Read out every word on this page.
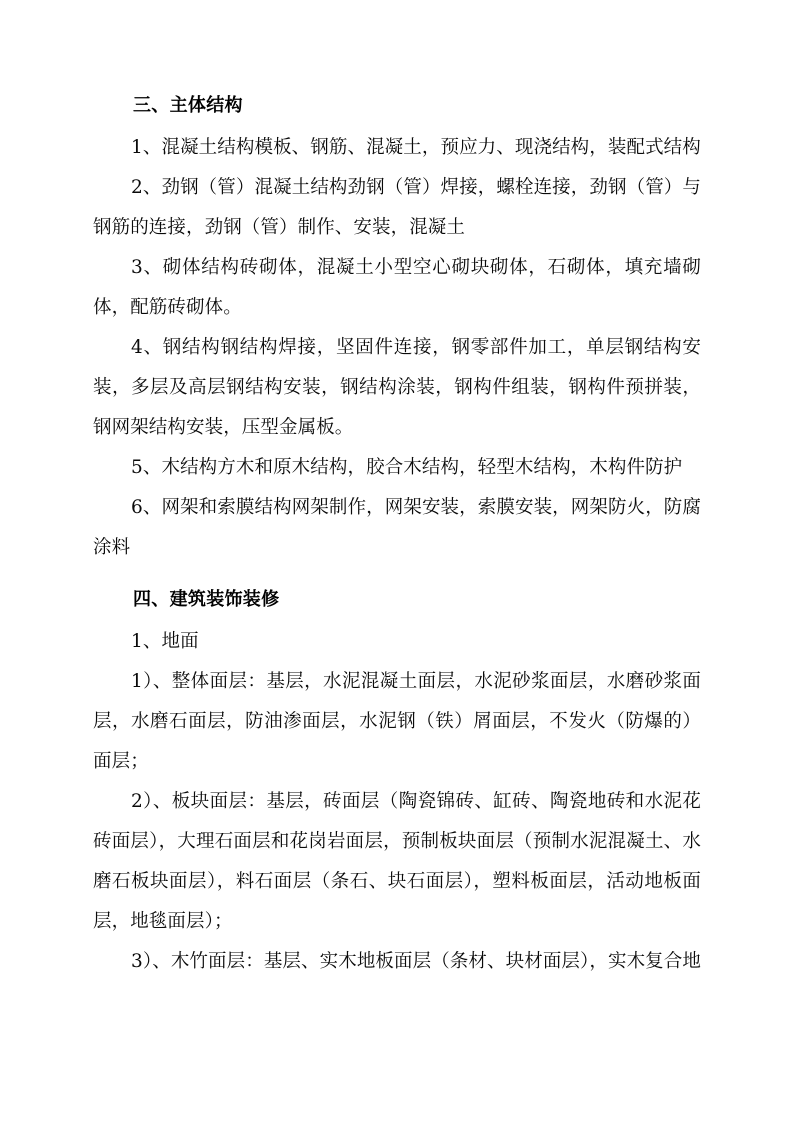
三、主体结构

1、混凝土结构模板、钢筋、混凝土，预应力、现浇结构，装配式结构

2、劲钢（管）混凝土结构劲钢（管）焊接，螺栓连接，劲钢（管）与钢筋的连接，劲钢（管）制作、安装，混凝土

3、砌体结构砖砌体，混凝土小型空心砌块砌体，石砌体，填充墙砌体，配筋砖砌体。

4、钢结构钢结构焊接，坚固件连接，钢零部件加工，单层钢结构安装，多层及高层钢结构安装，钢结构涂装，钢构件组装，钢构件预拼装，钢网架结构安装，压型金属板。

5、木结构方木和原木结构，胶合木结构，轻型木结构，木构件防护

6、网架和索膜结构网架制作，网架安装，索膜安装，网架防火，防腐涂料

四、建筑装饰装修

1、地面

1）、整体面层：基层，水泥混凝土面层，水泥砂浆面层，水磨砂浆面层，水磨石面层，防油渗面层，水泥钢（铁）屑面层，不发火（防爆的）面层；

2）、板块面层：基层，砖面层（陶瓷锦砖、缸砖、陶瓷地砖和水泥花砖面层），大理石面层和花岗岩面层，预制板块面层（预制水泥混凝土、水磨石板块面层），料石面层（条石、块石面层），塑料板面层，活动地板面层，地毯面层）；

3）、木竹面层：基层、实木地板面层（条材、块材面层），实木复合地
